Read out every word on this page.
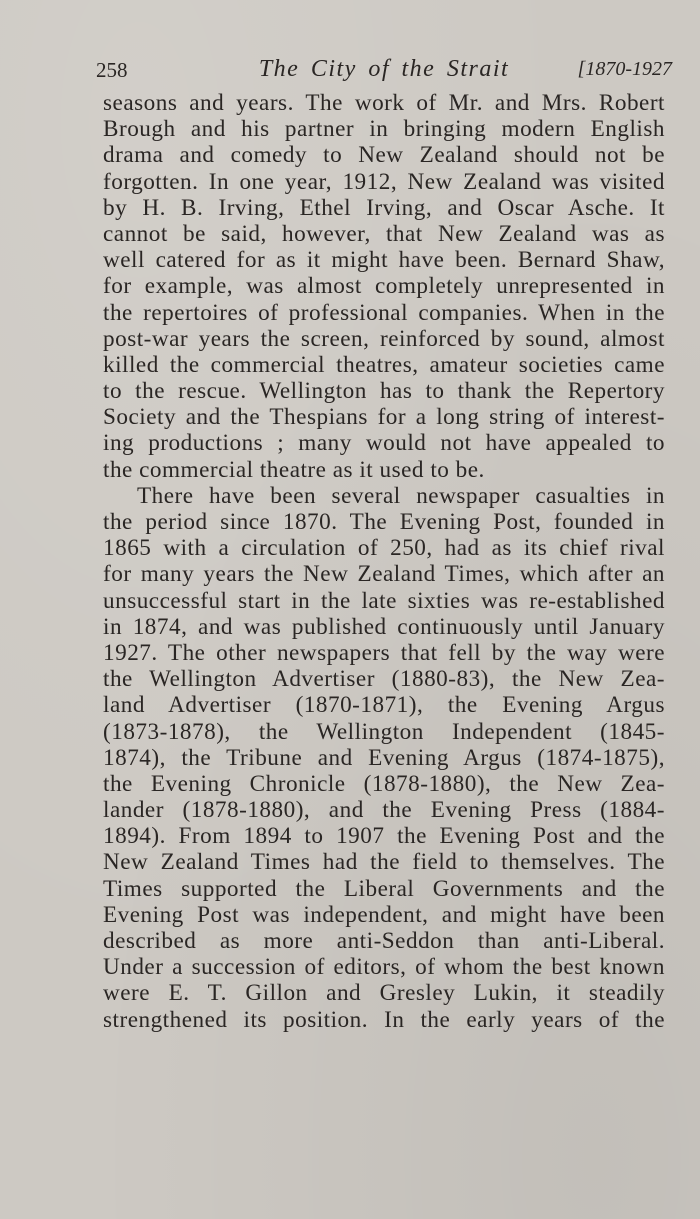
258	The City of the Strait	[1870-1927
seasons and years. The work of Mr. and Mrs. Robert
Brough and his partner in bringing modern English
drama and comedy to New Zealand should not be
forgotten. In one year, 1912, New Zealand was visited
by H. B. Irving, Ethel Irving, and Oscar Asche. It
cannot be said, however, that New Zealand was as
well catered for as it might have been. Bernard Shaw,
for example, was almost completely unrepresented in
the repertoires of professional companies. When in the
post-war years the screen, reinforced by sound, almost
killed the commercial theatres, amateur societies came
to the rescue. Wellington has to thank the Repertory
Society and the Thespians for a long string of interest-
ing productions ; many would not have appealed to
the commercial theatre as it used to be.
There have been several newspaper casualties in
the period since 1870. The Evening Post, founded in
1865 with a circulation of 250, had as its chief rival
for many years the New Zealand Times, which after an
unsuccessful start in the late sixties was re-established
in 1874, and was published continuously until January
1927. The other newspapers that fell by the way were
the Wellington Advertiser (1880-83), the New Zea-
land Advertiser (1870-1871), the Evening Argus
(1873-1878), the Wellington Independent (1845-
1874), the Tribune and Evening Argus (1874-1875),
the Evening Chronicle (1878-1880), the New Zea-
lander (1878-1880), and the Evening Press (1884-
1894). From 1894 to 1907 the Evening Post and the
New Zealand Times had the field to themselves. The
Times supported the Liberal Governments and the
Evening Post was independent, and might have been
described as more anti-Seddon than anti-Liberal.
Under a succession of editors, of whom the best known
were E. T. Gillon and Gresley Lukin, it steadily
strengthened its position. In the early years of the
